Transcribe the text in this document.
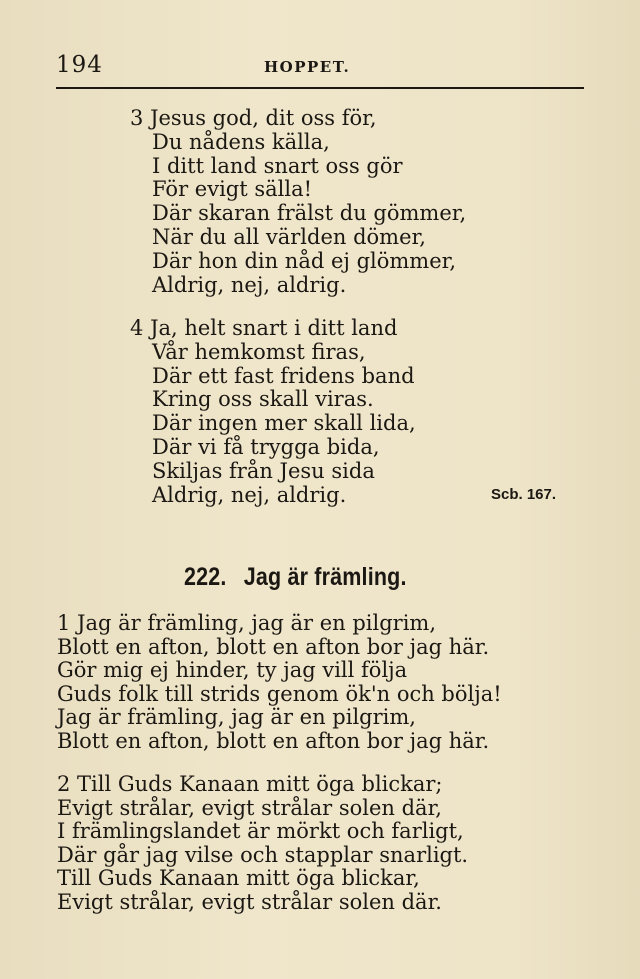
194	HOPPET.
3 Jesus god, dit oss för,
Du nådens källa,
I ditt land snart oss gör
För evigt sälla!
Där skaran frälst du gömmer,
När du all världen dömer,
Där hon din nåd ej glömmer,
Aldrig, nej, aldrig.
4 Ja, helt snart i ditt land
Vår hemkomst firas,
Där ett fast fridens band
Kring oss skall viras.
Där ingen mer skall lida,
Där vi få trygga bida,
Skiljas från Jesu sida
Aldrig, nej, aldrig.	Sсb. 167.
222. Jag är främling.
1 Jag är främling, jag är en pilgrim,
Blott en afton, blott en afton bor jag här.
Gör mig ej hinder, ty jag vill följa
Guds folk till strids genom ök'n och bölja!
Jag är främling, jag är en pilgrim,
Blott en afton, blott en afton bor jag här.
2 Till Guds Kanaan mitt öga blickar;
Evigt strålar, evigt strålar solen där,
I främlingslandet är mörkt och farligt,
Där går jag vilse och stapplar snarligt.
Till Guds Kanaan mitt öga blickar,
Evigt strålar, evigt strålar solen där.
